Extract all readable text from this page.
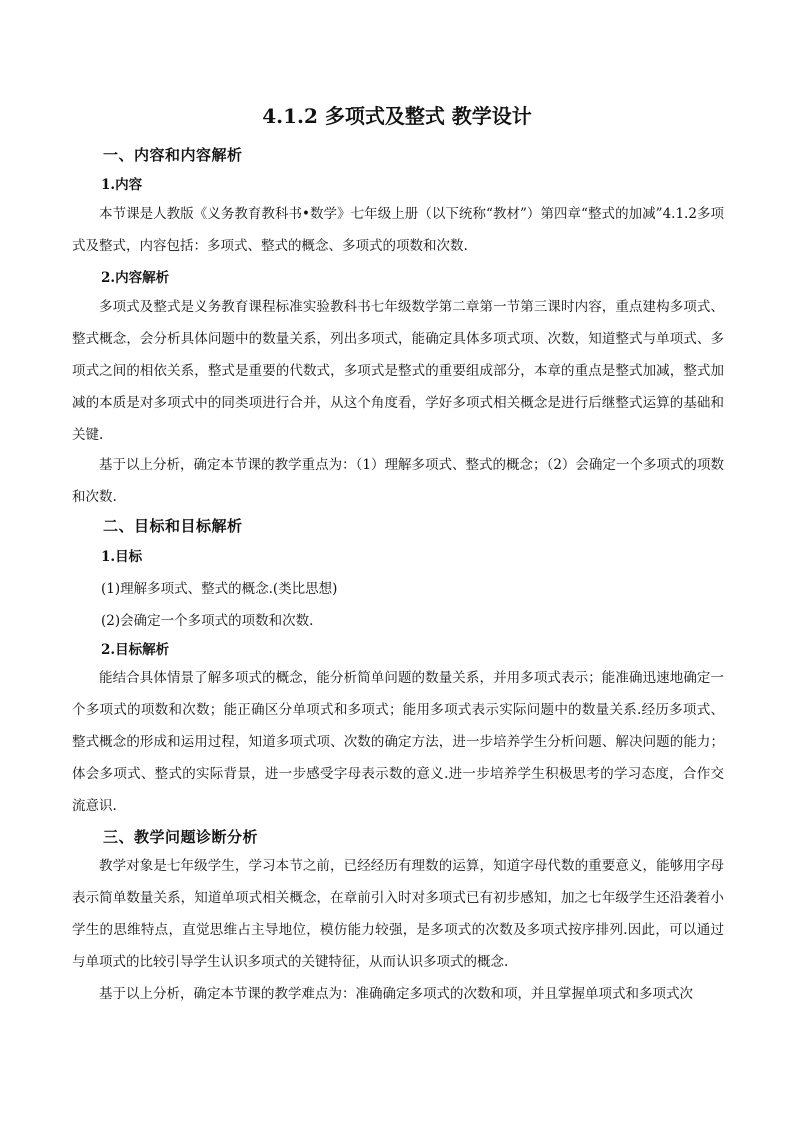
4.1.2 多项式及整式 教学设计
一、内容和内容解析
1.内容

本节课是人教版《义务教育教科书•数学》七年级上册（以下统称“教材”）第四章“整式的加减”4.1.2多项式及整式，内容包括：多项式、整式的概念、多项式的项数和次数.

2.内容解析

多项式及整式是义务教育课程标准实验教科书七年级数学第二章第一节第三课时内容，重点建构多项式、整式概念，会分析具体问题中的数量关系，列出多项式，能确定具体多项式项、次数，知道整式与单项式、多项式之间的相依关系，整式是重要的代数式，多项式是整式的重要组成部分，本章的重点是整式加减，整式加减的本质是对多项式中的同类项进行合并，从这个角度看，学好多项式相关概念是进行后继整式运算的基础和关键.

基于以上分析，确定本节课的教学重点为：（1）理解多项式、整式的概念；（2）会确定一个多项式的项数和次数.

二、目标和目标解析
1.目标
(1)理解多项式、整式的概念.(类比思想)
(2)会确定一个多项式的项数和次数.
2.目标解析

能结合具体情景了解多项式的概念，能分析简单问题的数量关系，并用多项式表示；能准确迅速地确定一个多项式的项数和次数；能正确区分单项式和多项式；能用多项式表示实际问题中的数量关系.经历多项式、整式概念的形成和运用过程，知道多项式项、次数的确定方法，进一步培养学生分析问题、解决问题的能力；体会多项式、整式的实际背景，进一步感受字母表示数的意义.进一步培养学生积极思考的学习态度，合作交流意识.

三、教学问题诊断分析

教学对象是七年级学生，学习本节之前，已经经历有理数的运算，知道字母代数的重要意义，能够用字母表示简单数量关系，知道单项式相关概念，在章前引入时对多项式已有初步感知，加之七年级学生还沿袭着小学生的思维特点，直觉思维占主导地位，模仿能力较强，是多项式的次数及多项式按序排列.因此，可以通过与单项式的比较引导学生认识多项式的关键特征，从而认识多项式的概念.

基于以上分析，确定本节课的教学难点为：准确确定多项式的次数和项，并且掌握单项式和多项式次
